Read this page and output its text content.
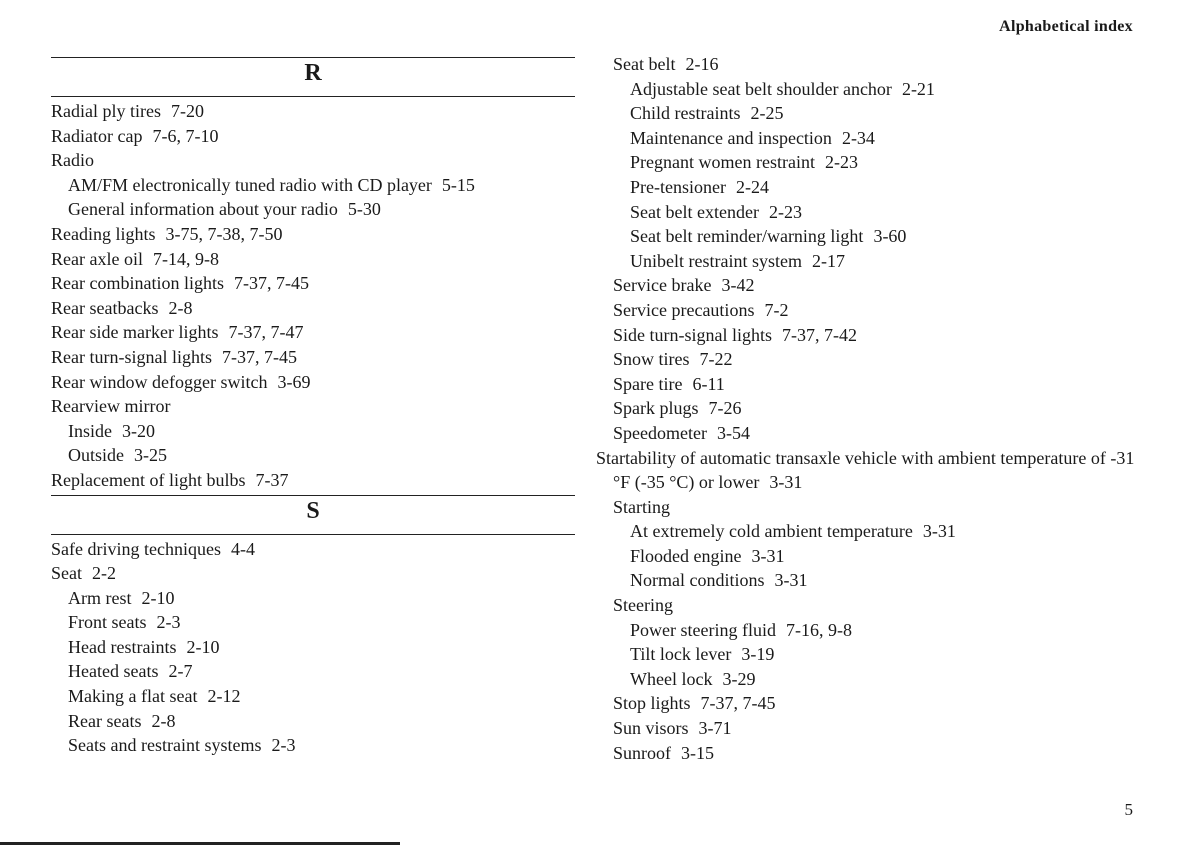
Alphabetical index
R
Radial ply tires 7-20
Radiator cap 7-6, 7-10
Radio
AM/FM electronically tuned radio with CD player 5-15
General information about your radio 5-30
Reading lights 3-75, 7-38, 7-50
Rear axle oil 7-14, 9-8
Rear combination lights 7-37, 7-45
Rear seatbacks 2-8
Rear side marker lights 7-37, 7-47
Rear turn-signal lights 7-37, 7-45
Rear window defogger switch 3-69
Rearview mirror
Inside 3-20
Outside 3-25
Replacement of light bulbs 7-37
S
Safe driving techniques 4-4
Seat 2-2
Arm rest 2-10
Front seats 2-3
Head restraints 2-10
Heated seats 2-7
Making a flat seat 2-12
Rear seats 2-8
Seats and restraint systems 2-3
Seat belt 2-16
Adjustable seat belt shoulder anchor 2-21
Child restraints 2-25
Maintenance and inspection 2-34
Pregnant women restraint 2-23
Pre-tensioner 2-24
Seat belt extender 2-23
Seat belt reminder/warning light 3-60
Unibelt restraint system 2-17
Service brake 3-42
Service precautions 7-2
Side turn-signal lights 7-37, 7-42
Snow tires 7-22
Spare tire 6-11
Spark plugs 7-26
Speedometer 3-54
Startability of automatic transaxle vehicle with ambient temperature of -31 °F (-35 °C) or lower 3-31
Starting
At extremely cold ambient temperature 3-31
Flooded engine 3-31
Normal conditions 3-31
Steering
Power steering fluid 7-16, 9-8
Tilt lock lever 3-19
Wheel lock 3-29
Stop lights 7-37, 7-45
Sun visors 3-71
Sunroof 3-15
5
